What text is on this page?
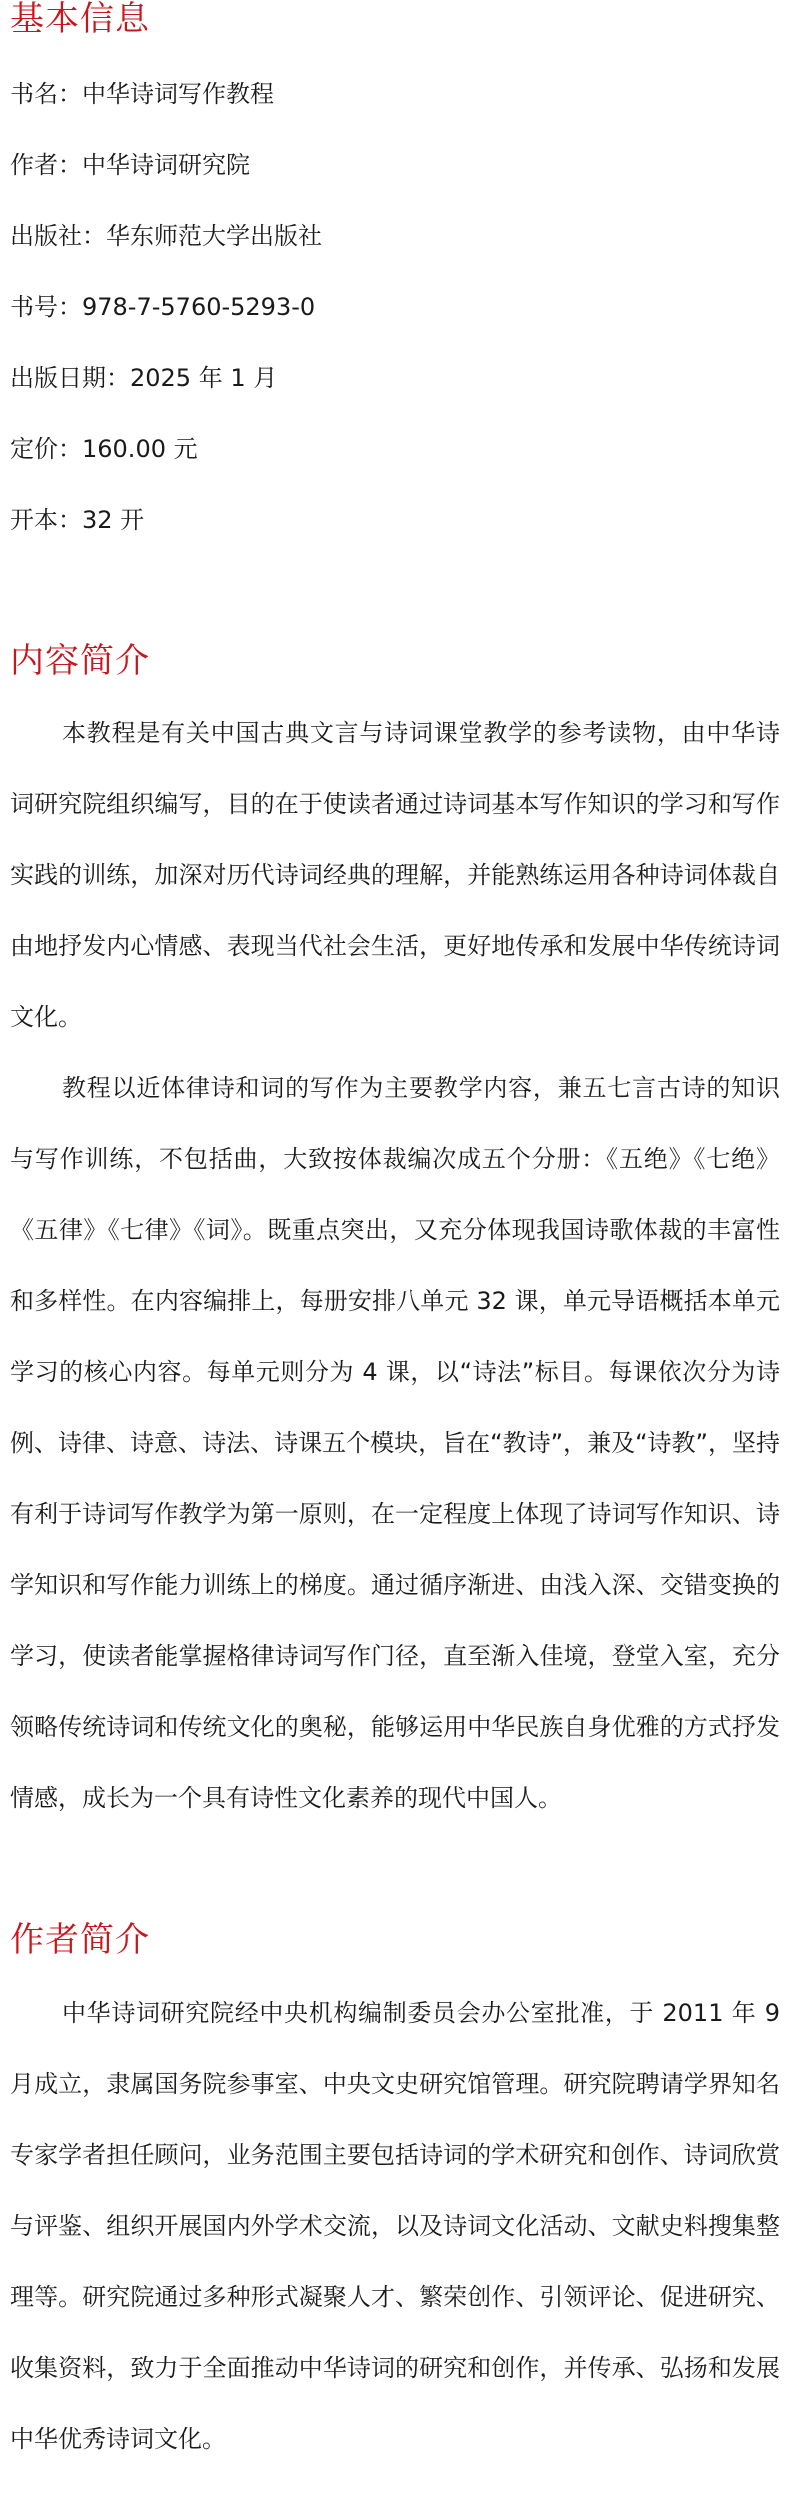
基本信息

书名：中华诗词写作教程

作者：中华诗词研究院

出版社：华东师范大学出版社

书号：978-7-5760-5293-0

出版日期：2025 年 1 月

定价：160.00 元

开本：32 开

内容简介

本教程是有关中国古典文言与诗词课堂教学的参考读物，由中华诗词研究院组织编写，目的在于使读者通过诗词基本写作知识的学习和写作实践的训练，加深对历代诗词经典的理解，并能熟练运用各种诗词体裁自由地抒发内心情感、表现当代社会生活，更好地传承和发展中华传统诗词文化。

教程以近体律诗和词的写作为主要教学内容，兼五七言古诗的知识与写作训练，不包括曲，大致按体裁编次成五个分册：《五绝》《七绝》《五律》《七律》《词》。既重点突出，又充分体现我国诗歌体裁的丰富性和多样性。在内容编排上，每册安排八单元 32 课，单元导语概括本单元学习的核心内容。每单元则分为 4 课，以“诗法”标目。每课依次分为诗例、诗律、诗意、诗法、诗课五个模块，旨在“教诗”，兼及“诗教”，坚持有利于诗词写作教学为第一原则，在一定程度上体现了诗词写作知识、诗学知识和写作能力训练上的梯度。通过循序渐进、由浅入深、交错变换的学习，使读者能掌握格律诗词写作门径，直至渐入佳境，登堂入室，充分领略传统诗词和传统文化的奥秘，能够运用中华民族自身优雅的方式抒发情感，成长为一个具有诗性文化素养的现代中国人。

作者简介

中华诗词研究院经中央机构编制委员会办公室批准，于 2011 年 9 月成立，隶属国务院参事室、中央文史研究馆管理。研究院聘请学界知名专家学者担任顾问，业务范围主要包括诗词的学术研究和创作、诗词欣赏与评鉴、组织开展国内外学术交流，以及诗词文化活动、文献史料搜集整理等。研究院通过多种形式凝聚人才、繁荣创作、引领评论、促进研究、收集资料，致力于全面推动中华诗词的研究和创作，并传承、弘扬和发展中华优秀诗词文化。
